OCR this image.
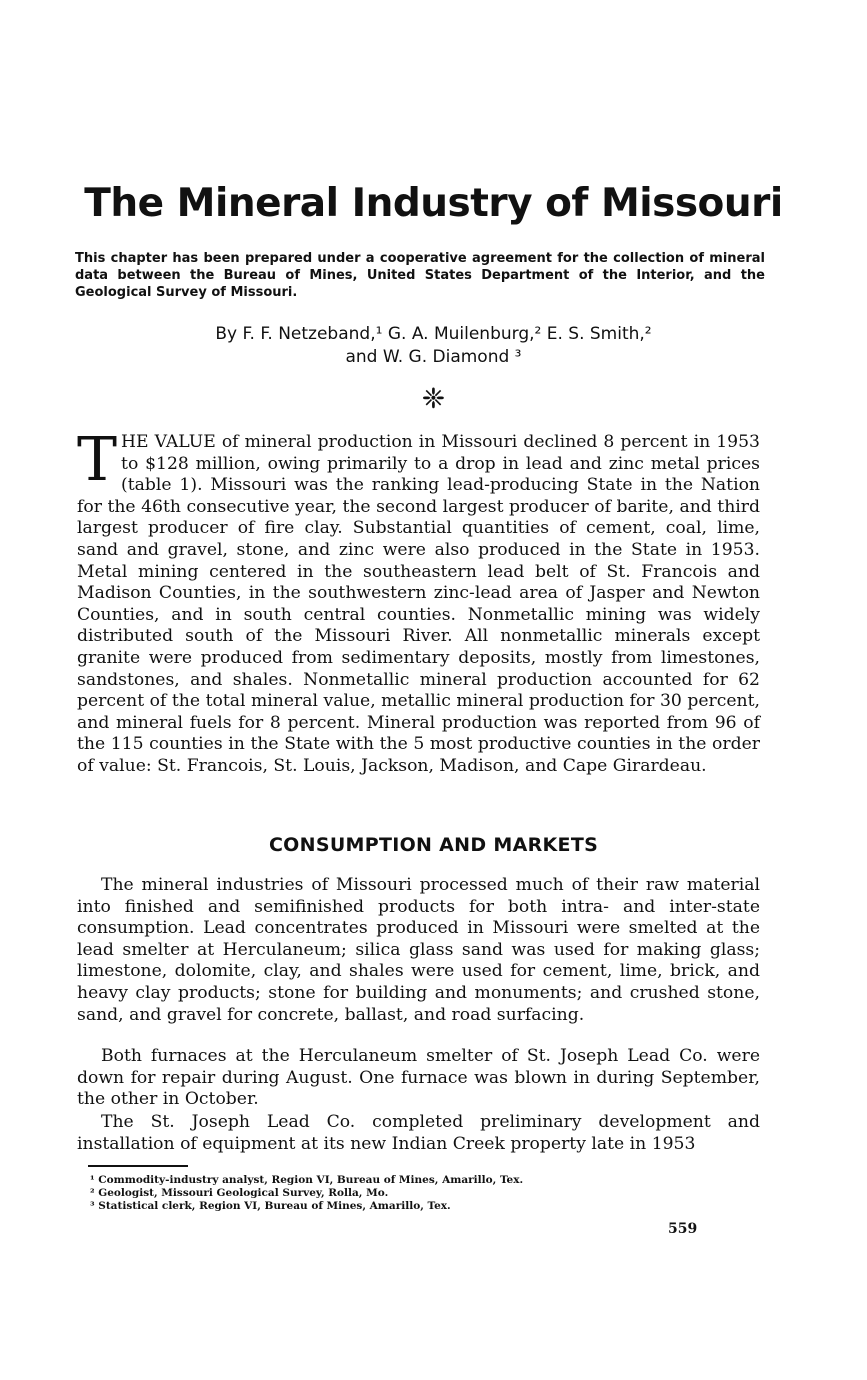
The Mineral Industry of Missouri

This chapter has been prepared under a cooperative agreement for the collection of mineral data between the Bureau of Mines, United States Department of the Interior, and the Geological Survey of Missouri.

By F. F. Netzeband,¹ G. A. Muilenburg,² E. S. Smith,²
and W. G. Diamond ³
❈

THE VALUE of mineral production in Missouri declined 8 percent in 1953 to $128 million, owing primarily to a drop in lead and zinc metal prices (table 1). Missouri was the ranking lead-producing State in the Nation for the 46th consecutive year, the second largest producer of barite, and third largest producer of fire clay. Substantial quantities of cement, coal, lime, sand and gravel, stone, and zinc were also produced in the State in 1953. Metal mining centered in the southeastern lead belt of St. Francois and Madison Counties, in the southwestern zinc-lead area of Jasper and Newton Counties, and in south central counties. Nonmetallic mining was widely distributed south of the Missouri River. All nonmetallic minerals except granite were produced from sedimentary deposits, mostly from limestones, sandstones, and shales. Nonmetallic mineral production accounted for 62 percent of the total mineral value, metallic mineral production for 30 percent, and mineral fuels for 8 percent. Mineral production was reported from 96 of the 115 counties in the State with the 5 most productive counties in the order of value: St. Francois, St. Louis, Jackson, Madison, and Cape Girardeau.

CONSUMPTION AND MARKETS

The mineral industries of Missouri processed much of their raw material into finished and semifinished products for both intra- and inter-state consumption. Lead concentrates produced in Missouri were smelted at the lead smelter at Herculaneum; silica glass sand was used for making glass; limestone, dolomite, clay, and shales were used for cement, lime, brick, and heavy clay products; stone for building and monuments; and crushed stone, sand, and gravel for concrete, ballast, and road surfacing.

Both furnaces at the Herculaneum smelter of St. Joseph Lead Co. were down for repair during August. One furnace was blown in during September, the other in October.

The St. Joseph Lead Co. completed preliminary development and installation of equipment at its new Indian Creek property late in 1953

¹ Commodity-industry analyst, Region VI, Bureau of Mines, Amarillo, Tex.
² Geologist, Missouri Geological Survey, Rolla, Mo.
³ Statistical clerk, Region VI, Bureau of Mines, Amarillo, Tex.
559
